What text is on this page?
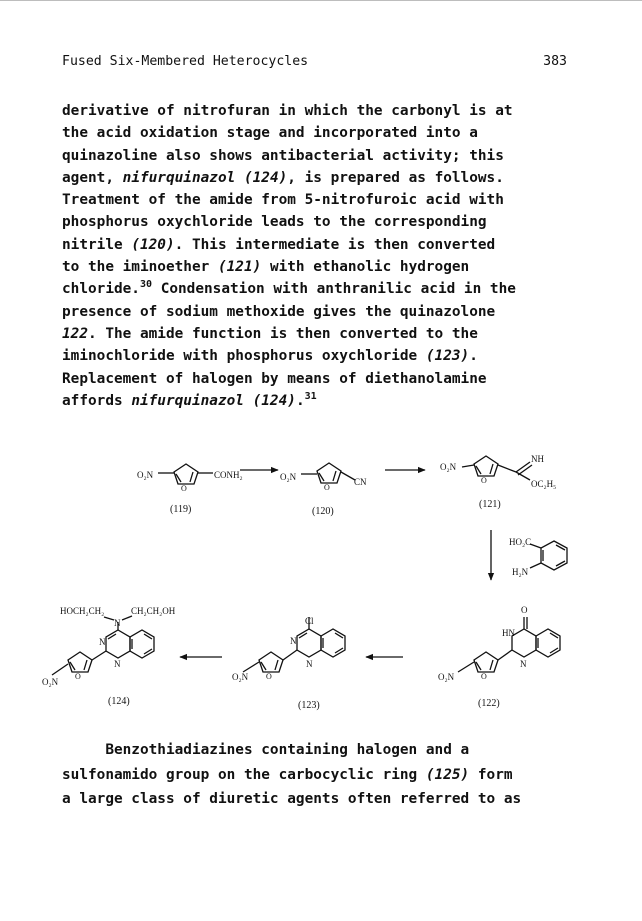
Fused Six-Membered Heterocycles	383
derivative of nitrofuran in which the carbonyl is at
the acid oxidation stage and incorporated into a
quinazoline also shows antibacterial activity; this
agent, nifurquinazol (124), is prepared as follows.
Treatment of the amide from 5-nitrofuroic acid with
phosphorus oxychloride leads to the corresponding
nitrile (120). This intermediate is then converted
to the iminoether (121) with ethanolic hydrogen
chloride.$^{30}$ Condensation with anthranilic acid in the
presence of sodium methoxide gives the quinazolone
122. The amide function is then converted to the
iminochloride with phosphorus oxychloride (123).
Replacement of halogen by means of diethanolamine
affords nifurquinazol (124).$^{31}$
O₂N
O
CONH₂
(119)
O₂N
O
CN
(120)
O₂N
O
NH
OC₂H₅
(121)
HO₂C
H₂N
O₂N	O
O
HN
N
(122)
O₂N O
Cl
N
N
(123)
O₂N
O
HOCH₂CH₂
N
CH₂CH₂OH
N
N
(124)
Benzothiadiazines containing halogen and a
sulfonamido group on the carbocyclic ring (125) form
a large class of diuretic agents often referred to as
